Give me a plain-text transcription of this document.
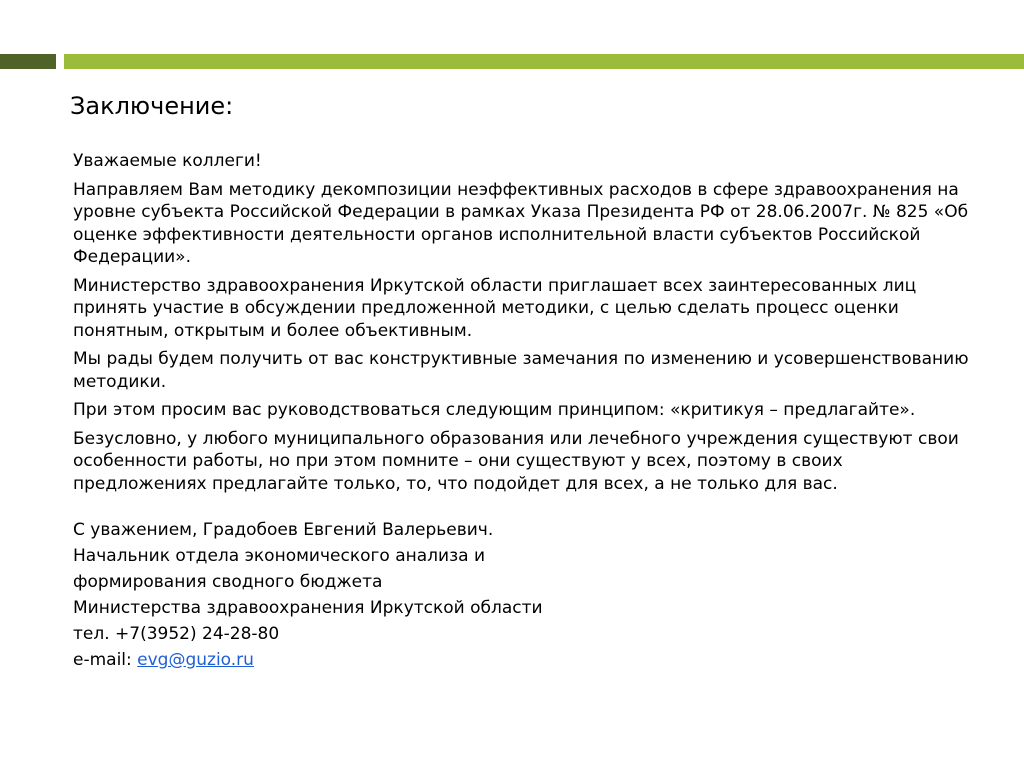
Заключение:

Уважаемые коллеги!

Направляем Вам методику декомпозиции неэффективных расходов в сфере здравоохранения на уровне субъекта Российской Федерации в рамках Указа Президента РФ от 28.06.2007г. № 825 «Об оценке эффективности деятельности органов исполнительной власти субъектов Российской Федерации».

Министерство здравоохранения Иркутской области приглашает всех заинтересованных лиц принять участие в обсуждении предложенной методики, с целью сделать процесс оценки понятным, открытым и более объективным.

Мы рады будем получить от вас конструктивные замечания по изменению и усовершенствованию методики.

При этом просим вас руководствоваться следующим принципом: «критикуя – предлагайте».

Безусловно, у любого муниципального образования или лечебного учреждения существуют свои особенности работы, но при этом помните – они существуют у всех, поэтому в своих предложениях предлагайте только, то, что подойдет для всех, а не только для вас.

С уважением, Градобоев Евгений Валерьевич.

Начальник отдела экономического анализа и

формирования сводного бюджета

Министерства здравоохранения Иркутской области

тел. +7(3952) 24-28-80

e-mail: evg@guzio.ru
